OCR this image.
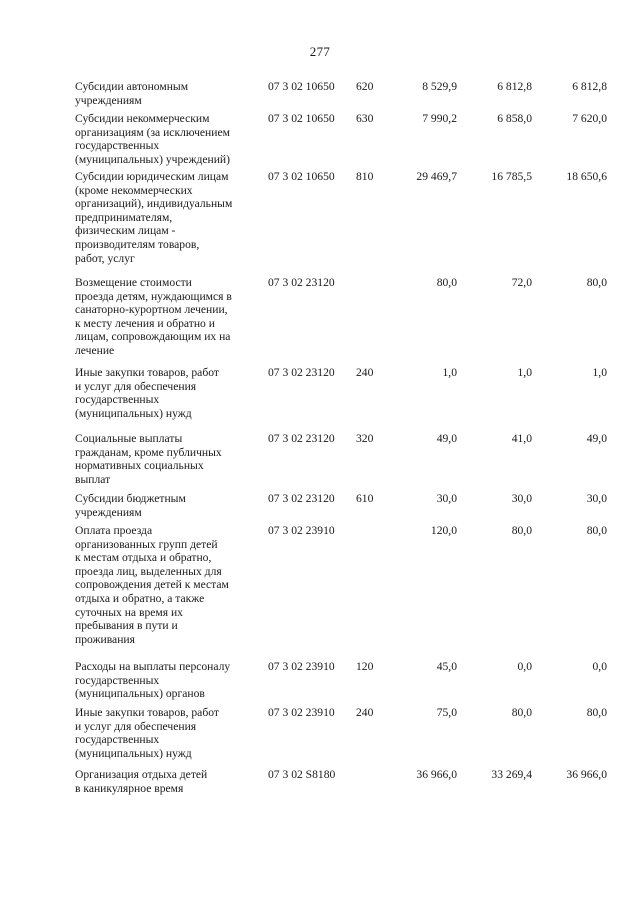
277
Субсидии автономным
учреждениям
07 3 02 10650 620	8 529,9	6 812,8	6 812,8
Субсидии некоммерческим
организациям (за исключением
государственных
(муниципальных) учреждений)
07 3 02 10650 630	7 990,2	6 858,0	7 620,0
Субсидии юридическим лицам
(кроме некоммерческих
организаций), индивидуальным
предпринимателям,
физическим лицам -
производителям товаров,
работ, услуг
07 3 02 10650 810	29 469,7	16 785,5	18 650,6
Возмещение стоимости
проезда детям, нуждающимся в
санаторно-курортном лечении,
к месту лечения и обратно и
лицам, сопровождающим их на
лечение
07 3 02 23120	80,0	72,0	80,0
Иные закупки товаров, работ
и услуг для обеспечения
государственных
(муниципальных) нужд
07 3 02 23120 240	1,0	1,0	1,0
Социальные выплаты
гражданам, кроме публичных
нормативных социальных
выплат
07 3 02 23120 320	49,0	41,0	49,0
Субсидии бюджетным
учреждениям
07 3 02 23120 610	30,0	30,0	30,0
Оплата проезда
организованных групп детей
к местам отдыха и обратно,
проезда лиц, выделенных для
сопровождения детей к местам
отдыха и обратно, а также
суточных на время их
пребывания в пути и
проживания
07 3 02 23910	120,0	80,0	80,0
Расходы на выплаты персоналу
государственных
(муниципальных) органов
07 3 02 23910 120	45,0	0,0	0,0
Иные закупки товаров, работ
и услуг для обеспечения
государственных
(муниципальных) нужд
07 3 02 23910 240	75,0	80,0	80,0
Организация отдыха детей
в каникулярное время
07 3 02 S8180	36 966,0	33 269,4	36 966,0
